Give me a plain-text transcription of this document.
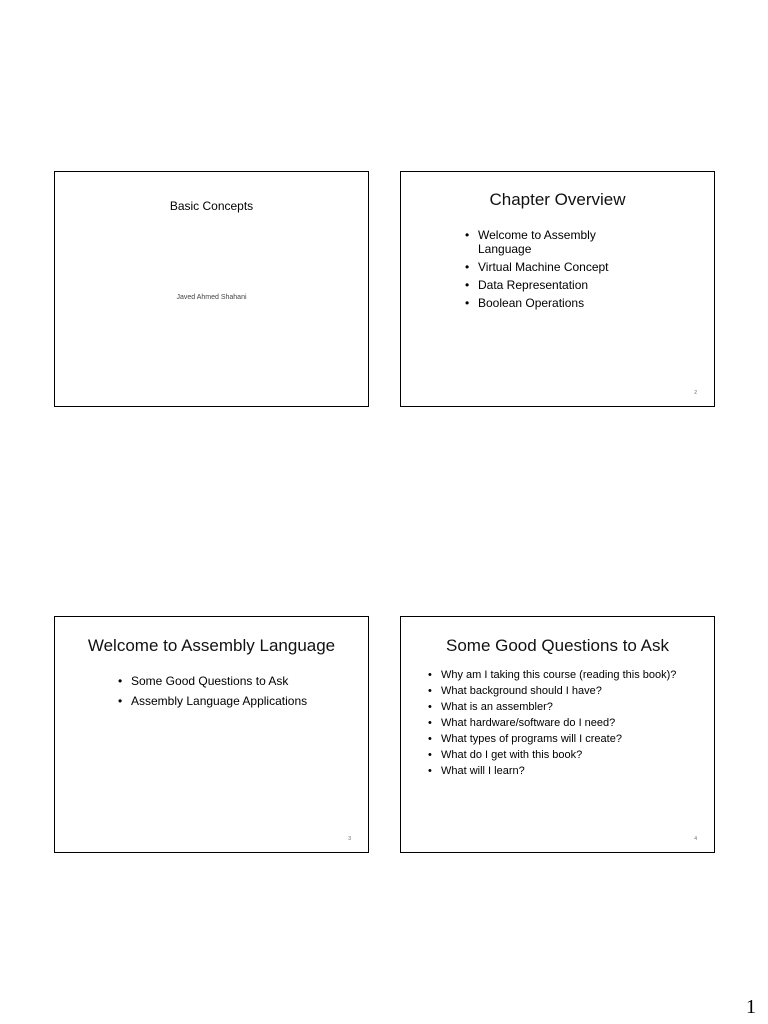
Basic Concepts
Javed Ahmed Shahani
Chapter Overview
• Welcome to Assembly Language
• Virtual Machine Concept
• Data Representation
• Boolean Operations
2
Welcome to Assembly Language
• Some Good Questions to Ask
• Assembly Language Applications
3
Some Good Questions to Ask
• Why am I taking this course (reading this book)?
• What background should I have?
• What is an assembler?
• What hardware/software do I need?
• What types of programs will I create?
• What do I get with this book?
• What will I learn?
4
1
